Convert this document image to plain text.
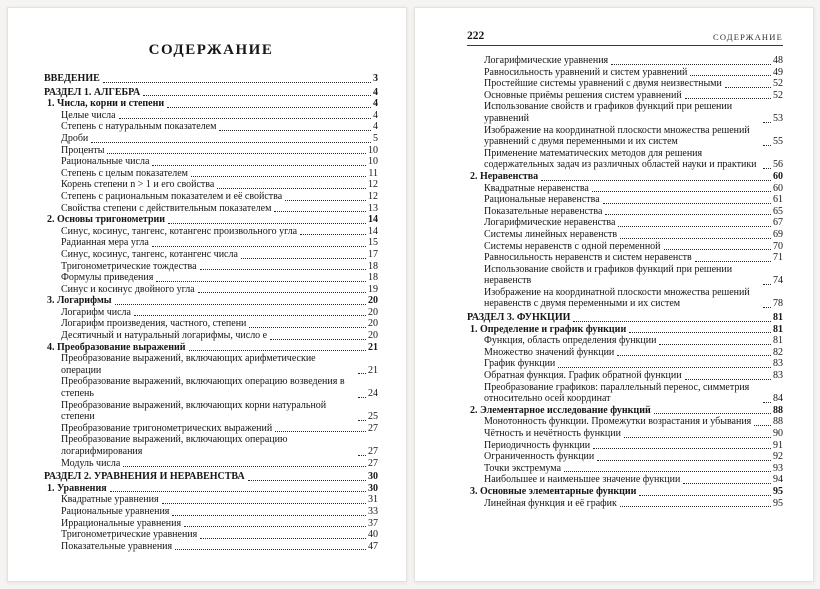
СОДЕРЖАНИЕ
ВВЕДЕНИЕ	3
РАЗДЕЛ 1. АЛГЕБРА	4
1. Числа, корни и степени	4
Целые числа	4
Степень с натуральным показателем	4
Дроби	5
Проценты	10
Рациональные числа	10
Степень с целым показателем	11
Корень степени n > 1 и его свойства	12
Степень с рациональным показателем и её свойства	12
Свойства степени с действительным показателем	13
2. Основы тригонометрии	14
Синус, косинус, тангенс, котангенс произвольного угла	14
Радианная мера угла	15
Синус, косинус, тангенс, котангенс числа	17
Тригонометрические тождества	18
Формулы приведения	18
Синус и косинус двойного угла	19
3. Логарифмы	20
Логарифм числа	20
Логарифм произведения, частного, степени	20
Десятичный и натуральный логарифмы, число e	20
4. Преобразование выражений	21
Преобразование выражений, включающих арифметические операции	21
Преобразование выражений, включающих операцию возведения в степень	24
Преобразование выражений, включающих корни натуральной степени	25
Преобразование тригонометрических выражений	27
Преобразование выражений, включающих операцию логарифмирования	27
Модуль числа	27
РАЗДЕЛ 2. УРАВНЕНИЯ И НЕРАВЕНСТВА	30
1. Уравнения	30
Квадратные уравнения	31
Рациональные уравнения	33
Иррациональные уравнения	37
Тригонометрические уравнения	40
Показательные уравнения	47
222	СОДЕРЖАНИЕ
Логарифмические уравнения	48
Равносильность уравнений и систем уравнений	49
Простейшие системы уравнений с двумя неизвестными	52
Основные приёмы решения систем уравнений	52
Использование свойств и графиков функций при решении уравнений	53
Изображение на координатной плоскости множества решений уравнений с двумя переменными и их систем	55
Применение математических методов для решения содержательных задач из различных областей науки и практики	56
2. Неравенства	60
Квадратные неравенства	60
Рациональные неравенства	61
Показательные неравенства	65
Логарифмические неравенства	67
Системы линейных неравенств	69
Системы неравенств с одной переменной	70
Равносильность неравенств и систем неравенств	71
Использование свойств и графиков функций при решении неравенств	74
Изображение на координатной плоскости множества решений неравенств с двумя переменными и их систем	78
РАЗДЕЛ 3. ФУНКЦИИ	81
1. Определение и график функции	81
Функция, область определения функции	81
Множество значений функции	82
График функции	83
Обратная функция. График обратной функции	83
Преобразование графиков: параллельный перенос, симметрия относительно осей координат	84
2. Элементарное исследование функций	88
Монотонность функции. Промежутки возрастания и убывания 88
Чётность и нечётность функции	90
Периодичность функции	91
Ограниченность функции	92
Точки экстремума	93
Наибольшее и наименьшее значение функции	94
3. Основные элементарные функции	95
Линейная функция и её график	95
